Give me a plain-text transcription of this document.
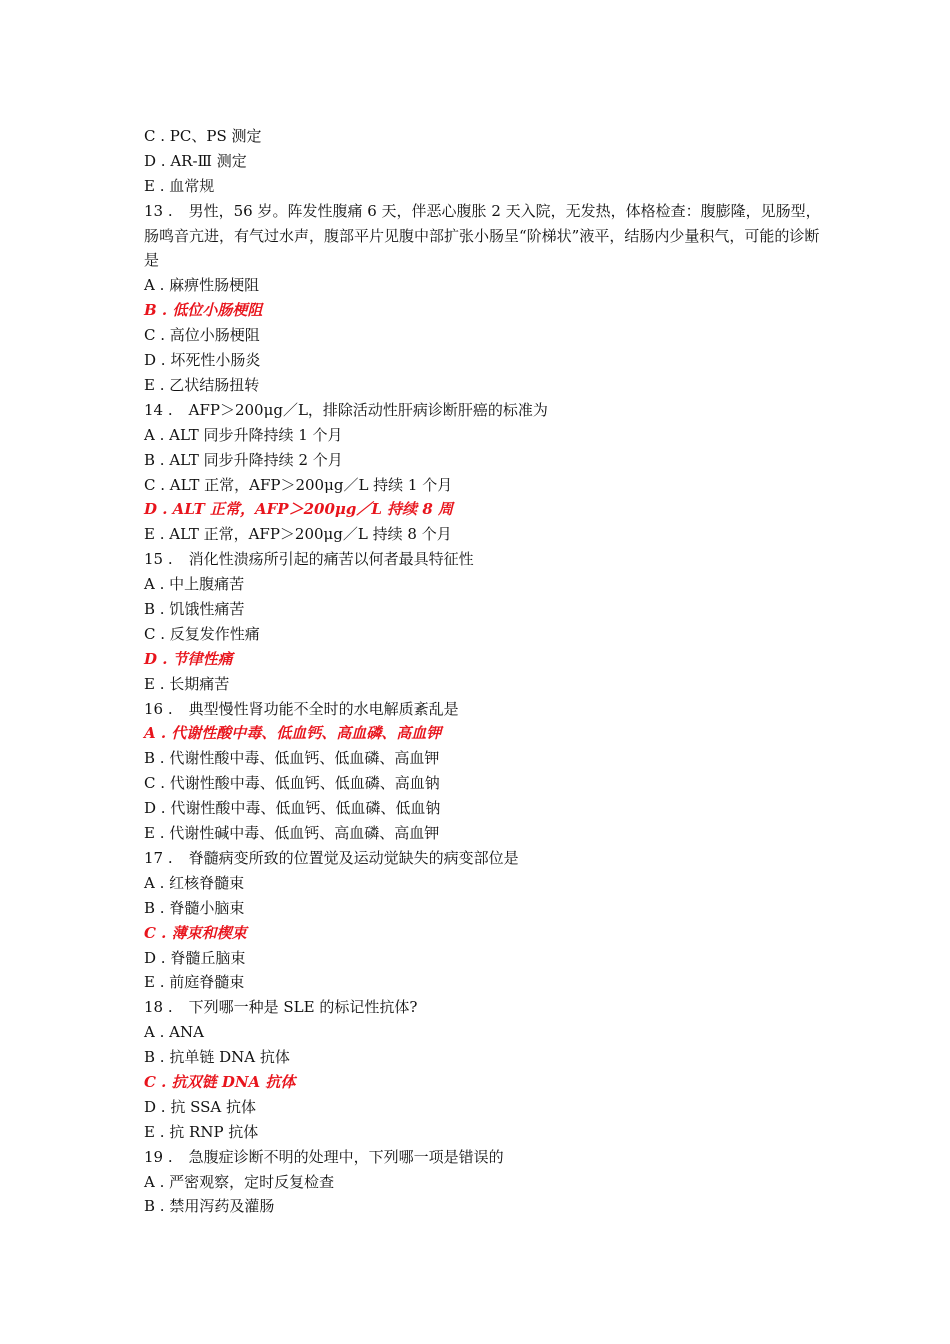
C . PC、PS 测定
D . AR-Ⅲ 测定
E . 血常规
13 . 男性，56 岁。阵发性腹痛 6 天，伴恶心腹胀 2 天入院，无发热，体格检查：腹膨隆，见肠型，肠鸣音亢进，有气过水声，腹部平片见腹中部扩张小肠呈“阶梯状”液平，结肠内少量积气，可能的诊断是
A . 麻痹性肠梗阻
B . 低位小肠梗阻
C . 高位小肠梗阻
D . 坏死性小肠炎
E . 乙状结肠扭转
14 . AFP＞200μg／L，排除活动性肝病诊断肝癌的标准为
A . ALT 同步升降持续 1 个月
B . ALT 同步升降持续 2 个月
C . ALT 正常，AFP＞200μg／L 持续 1 个月
D . ALT 正常，AFP＞200μg／L 持续 8 周
E . ALT 正常，AFP＞200μg／L 持续 8 个月
15 . 消化性溃疡所引起的痛苦以何者最具特征性
A . 中上腹痛苦
B . 饥饿性痛苦
C . 反复发作性痛
D . 节律性痛
E . 长期痛苦
16 . 典型慢性肾功能不全时的水电解质紊乱是
A . 代谢性酸中毒、低血钙、高血磷、高血钾
B . 代谢性酸中毒、低血钙、低血磷、高血钾
C . 代谢性酸中毒、低血钙、低血磷、高血钠
D . 代谢性酸中毒、低血钙、低血磷、低血钠
E . 代谢性碱中毒、低血钙、高血磷、高血钾
17 . 脊髓病变所致的位置觉及运动觉缺失的病变部位是
A . 红核脊髓束
B . 脊髓小脑束
C . 薄束和楔束
D . 脊髓丘脑束
E . 前庭脊髓束
18 . 下列哪一种是 SLE 的标记性抗体?
A . ANA
B . 抗单链 DNA 抗体
C . 抗双链 DNA 抗体
D . 抗 SSA 抗体
E . 抗 RNP 抗体
19 . 急腹症诊断不明的处理中，下列哪一项是错误的
A . 严密观察，定时反复检查
B . 禁用泻药及灌肠
